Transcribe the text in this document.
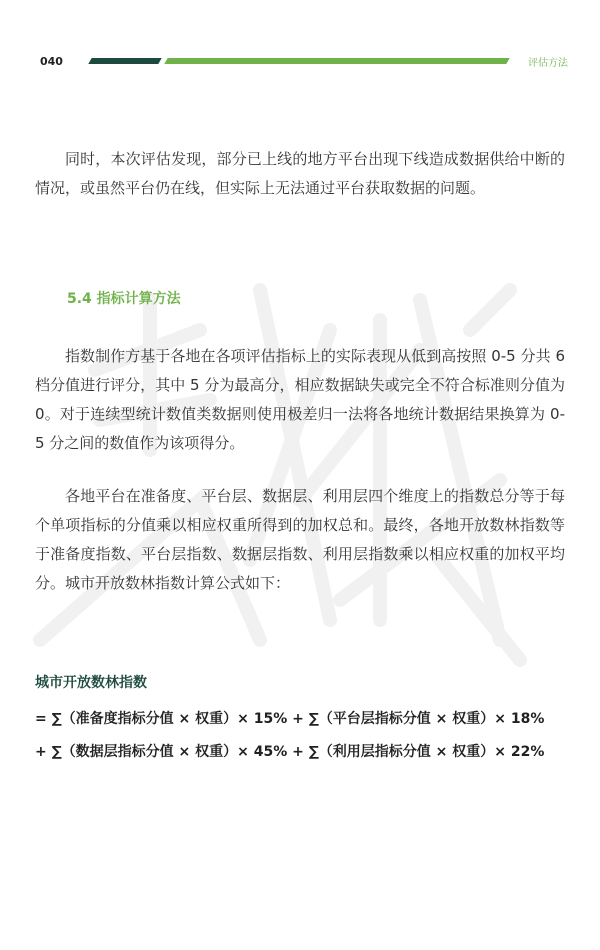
040	评估方法

同时，本次评估发现，部分已上线的地方平台出现下线造成数据供给中断的情况，或虽然平台仍在线，但实际上无法通过平台获取数据的问题。

5.4 指标计算方法

指数制作方基于各地在各项评估指标上的实际表现从低到高按照 0-5 分共 6 档分值进行评分，其中 5 分为最高分，相应数据缺失或完全不符合标准则分值为 0。对于连续型统计数值类数据则使用极差归一法将各地统计数据结果换算为 0-5 分之间的数值作为该项得分。

各地平台在准备度、平台层、数据层、利用层四个维度上的指数总分等于每个单项指标的分值乘以相应权重所得到的加权总和。最终，各地开放数林指数等于准备度指数、平台层指数、数据层指数、利用层指数乘以相应权重的加权平均分。城市开放数林指数计算公式如下：

城市开放数林指数
= ∑（准备度指标分值 × 权重）× 15% + ∑（平台层指标分值 × 权重）× 18%
+ ∑（数据层指标分值 × 权重）× 45% + ∑（利用层指标分值 × 权重）× 22%
